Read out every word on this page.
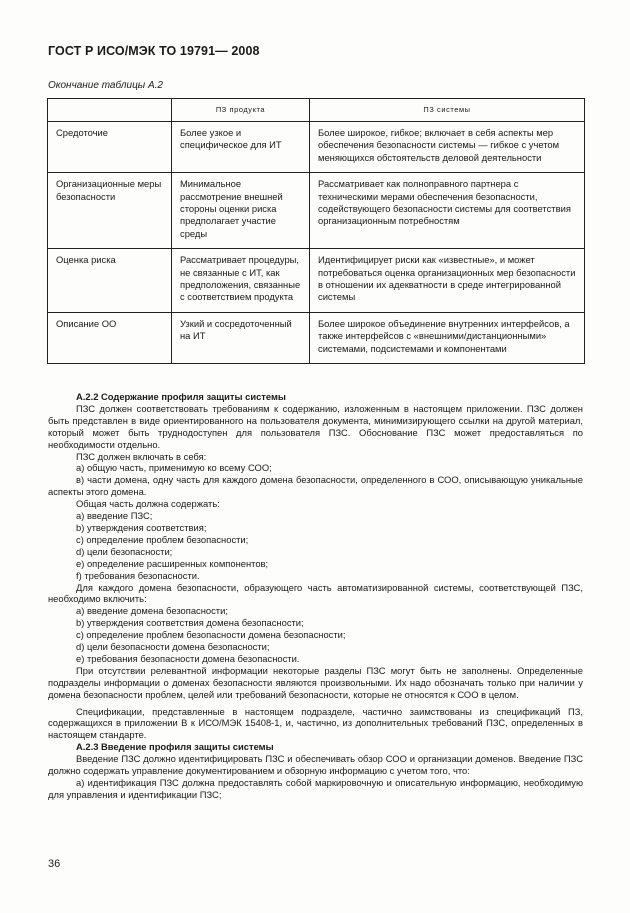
ГОСТ Р ИСО/МЭК ТО 19791— 2008
Окончание таблицы А.2
	ПЗ продукта	ПЗ системы
Средоточие	Более узкое и специфическое для ИТ	Более широкое, гибкое; включает в себя аспекты мер обеспечения безопасности системы — гибкое с учетом меняющихся обстоятельств деловой деятельности
Организационные меры безопасности	Минимальное рассмотрение внешней стороны оценки риска предполагает участие среды	Рассматривает как полноправного партнера с техническими мерами обеспечения безопасности, содействующего безопасности системы для соответствия организационным потребностям
Оценка риска	Рассматривает процедуры, не связанные с ИТ, как предположения, связанные с соответствием продукта	Идентифицирует риски как «известные», и может потребоваться оценка организационных мер безопасности в отношении их адекватности в среде интегрированной системы
Описание ОО	Узкий и сосредоточенный на ИТ	Более широкое объединение внутренних интерфейсов, а также интерфейсов с «внешними/дистанционными» системами, подсистемами и компонентами

A.2.2 Содержание профиля защиты системы

ПЗС должен соответствовать требованиям к содержанию, изложенным в настоящем приложении. ПЗС должен быть представлен в виде ориентированного на пользователя документа, минимизирующего ссылки на другой материал, который может быть труднодоступен для пользователя ПЗС. Обоснование ПЗС может предоставляться по необходимости отдельно.

ПЗС должен включать в себя:

а) общую часть, применимую ко всему СОО;

в) части домена, одну часть для каждого домена безопасности, определенного в СОО, описывающую уникальные аспекты этого домена.

Общая часть должна содержать:

а) введение ПЗС;

b) утверждения соответствия;

с) определение проблем безопасности;

d) цели безопасности;

е) определение расширенных компонентов;

f) требования безопасности.

Для каждого домена безопасности, образующего часть автоматизированной системы, соответствующей ПЗС, необходимо включить:

а) введение домена безопасности;

b) утверждения соответствия домена безопасности;

с) определение проблем безопасности домена безопасности;

d) цели безопасности домена безопасности;

е) требования безопасности домена безопасности.

При отсутствии релевантной информации некоторые разделы ПЗС могут быть не заполнены. Определенные подразделы информации о доменах безопасности являются произвольными. Их надо обозначать только при наличии у домена безопасности проблем, целей или требований безопасности, которые не относятся к СОО в целом.

Спецификации, представленные в настоящем подразделе, частично заимствованы из спецификаций ПЗ, содержащихся в приложении В к ИСО/МЭК 15408-1, и, частично, из дополнительных требований ПЗС, определенных в настоящем стандарте.

A.2.3 Введение профиля защиты системы

Введение ПЗС должно идентифицировать ПЗС и обеспечивать обзор СОО и организации доменов. Введение ПЗС должно содержать управление документированием и обзорную информацию с учетом того, что:

а) идентификация ПЗС должна предоставлять собой маркировочную и описательную информацию, необходимую для управления и идентификации ПЗС;

36
